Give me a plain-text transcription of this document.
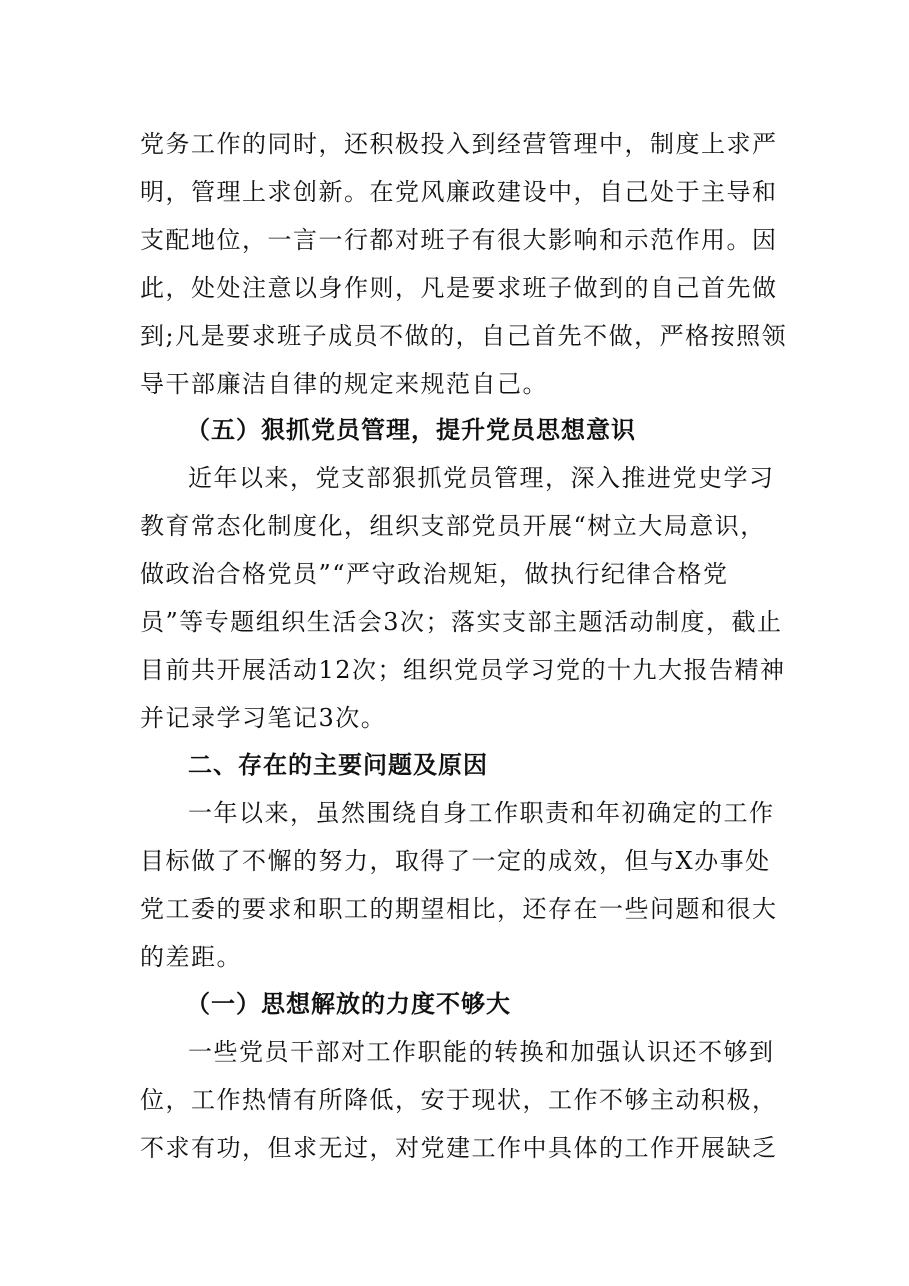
党务工作的同时，还积极投入到经营管理中，制度上求严
明，管理上求创新。在党风廉政建设中，自己处于主导和
支配地位，一言一行都对班子有很大影响和示范作用。因
此，处处注意以身作则，凡是要求班子做到的自己首先做
到;凡是要求班子成员不做的，自己首先不做，严格按照领
导干部廉洁自律的规定来规范自己。
（五）狠抓党员管理，提升党员思想意识
近年以来，党支部狠抓党员管理，深入推进党史学习
教育常态化制度化，组织支部党员开展“树立大局意识，
做政治合格党员”“严守政治规矩，做执行纪律合格党
员”等专题组织生活会3次；落实支部主题活动制度，截止
目前共开展活动12次；组织党员学习党的十九大报告精神
并记录学习笔记3次。
二、存在的主要问题及原因
一年以来，虽然围绕自身工作职责和年初确定的工作
目标做了不懈的努力，取得了一定的成效，但与X办事处
党工委的要求和职工的期望相比，还存在一些问题和很大
的差距。
（一）思想解放的力度不够大
一些党员干部对工作职能的转换和加强认识还不够到
位，工作热情有所降低，安于现状，工作不够主动积极，
不求有功，但求无过，对党建工作中具体的工作开展缺乏
